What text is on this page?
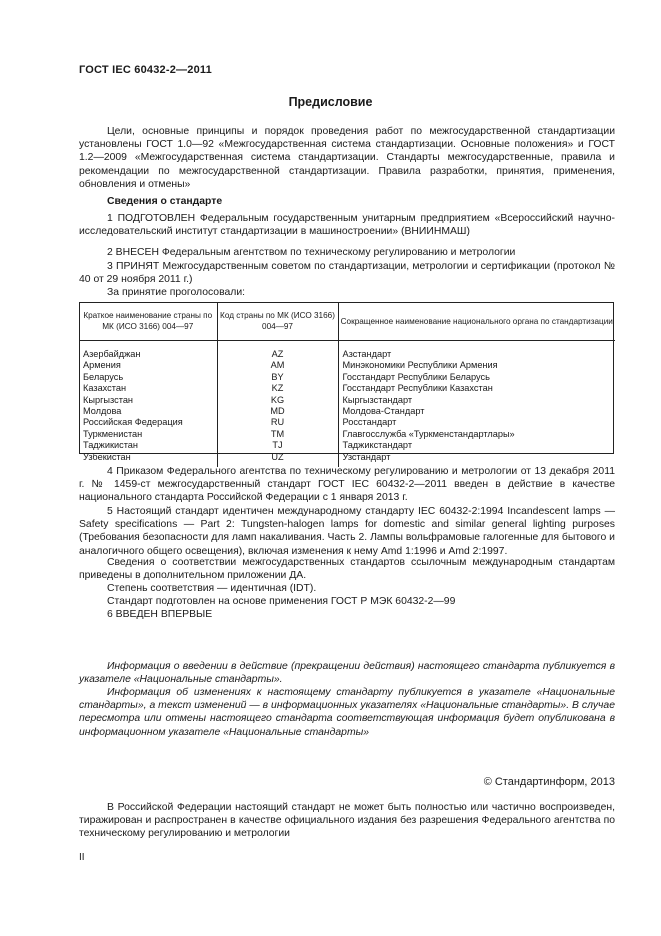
ГОСТ IEC 60432-2—2011
Предисловие
Цели, основные принципы и порядок проведения работ по межгосударственной стандартизации установлены ГОСТ 1.0—92 «Межгосударственная система стандартизации. Основные положения» и ГОСТ 1.2—2009 «Межгосударственная система стандартизации. Стандарты межгосударственные, правила и рекомендации по межгосударственной стандартизации. Правила разработки, принятия, применения, обновления и отмены»
Сведения о стандарте
1 ПОДГОТОВЛЕН Федеральным государственным унитарным предприятием «Всероссийский научно-исследовательский институт стандартизации в машиностроении» (ВНИИНМАШ)
2 ВНЕСЕН Федеральным агентством по техническому регулированию и метрологии
3 ПРИНЯТ Межгосударственным советом по стандартизации, метрологии и сертификации (протокол № 40 от 29 ноября 2011 г.)
За принятие проголосовали:
Краткое наименование страны по МК (ИСО 3166) 004—97	Код страны по МК (ИСО 3166) 004—97	Сокращенное наименование национального органа по стандартизации
Азербайджан	AZ	Азстандарт
Армения	AM	Минэкономики Республики Армения
Беларусь	BY	Госстандарт Республики Беларусь
Казахстан	KZ	Госстандарт Республики Казахстан
Кыргызстан	KG	Кыргызстандарт
Молдова	MD	Молдова-Стандарт
Российская Федерация	RU	Росстандарт
Туркменистан	TM	Главгосслужба «Туркменстандартлары»
Таджикистан	TJ	Таджикстандарт
Узбекистан	UZ	Узстандарт
4 Приказом Федерального агентства по техническому регулированию и метрологии от 13 декабря 2011 г. № 1459-ст межгосударственный стандарт ГОСТ IEC 60432-2—2011 введен в действие в качестве национального стандарта Российской Федерации с 1 января 2013 г.
5 Настоящий стандарт идентичен международному стандарту IEC 60432-2:1994 Incandescent lamps — Safety specifications — Part 2: Tungsten-halogen lamps for domestic and similar general lighting purposes (Требования безопасности для ламп накаливания. Часть 2. Лампы вольфрамовые галогенные для бытового и аналогичного общего освещения), включая изменения к нему Amd 1:1996 и Amd 2:1997.
Сведения о соответствии межгосударственных стандартов ссылочным международным стандартам приведены в дополнительном приложении ДА.
Степень соответствия — идентичная (IDT).
Стандарт подготовлен на основе применения ГОСТ Р МЭК 60432-2—99
6 ВВЕДЕН ВПЕРВЫЕ
Информация о введении в действие (прекращении действия) настоящего стандарта публикуется в указателе «Национальные стандарты».
Информация об изменениях к настоящему стандарту публикуется в указателе «Национальные стандарты», а текст изменений — в информационных указателях «Национальные стандарты». В случае пересмотра или отмены настоящего стандарта соответствующая информация будет опубликована в информационном указателе «Национальные стандарты»
© Стандартинформ, 2013
В Российской Федерации настоящий стандарт не может быть полностью или частично воспроизведен, тиражирован и распространен в качестве официального издания без разрешения Федерального агентства по техническому регулированию и метрологии
II
